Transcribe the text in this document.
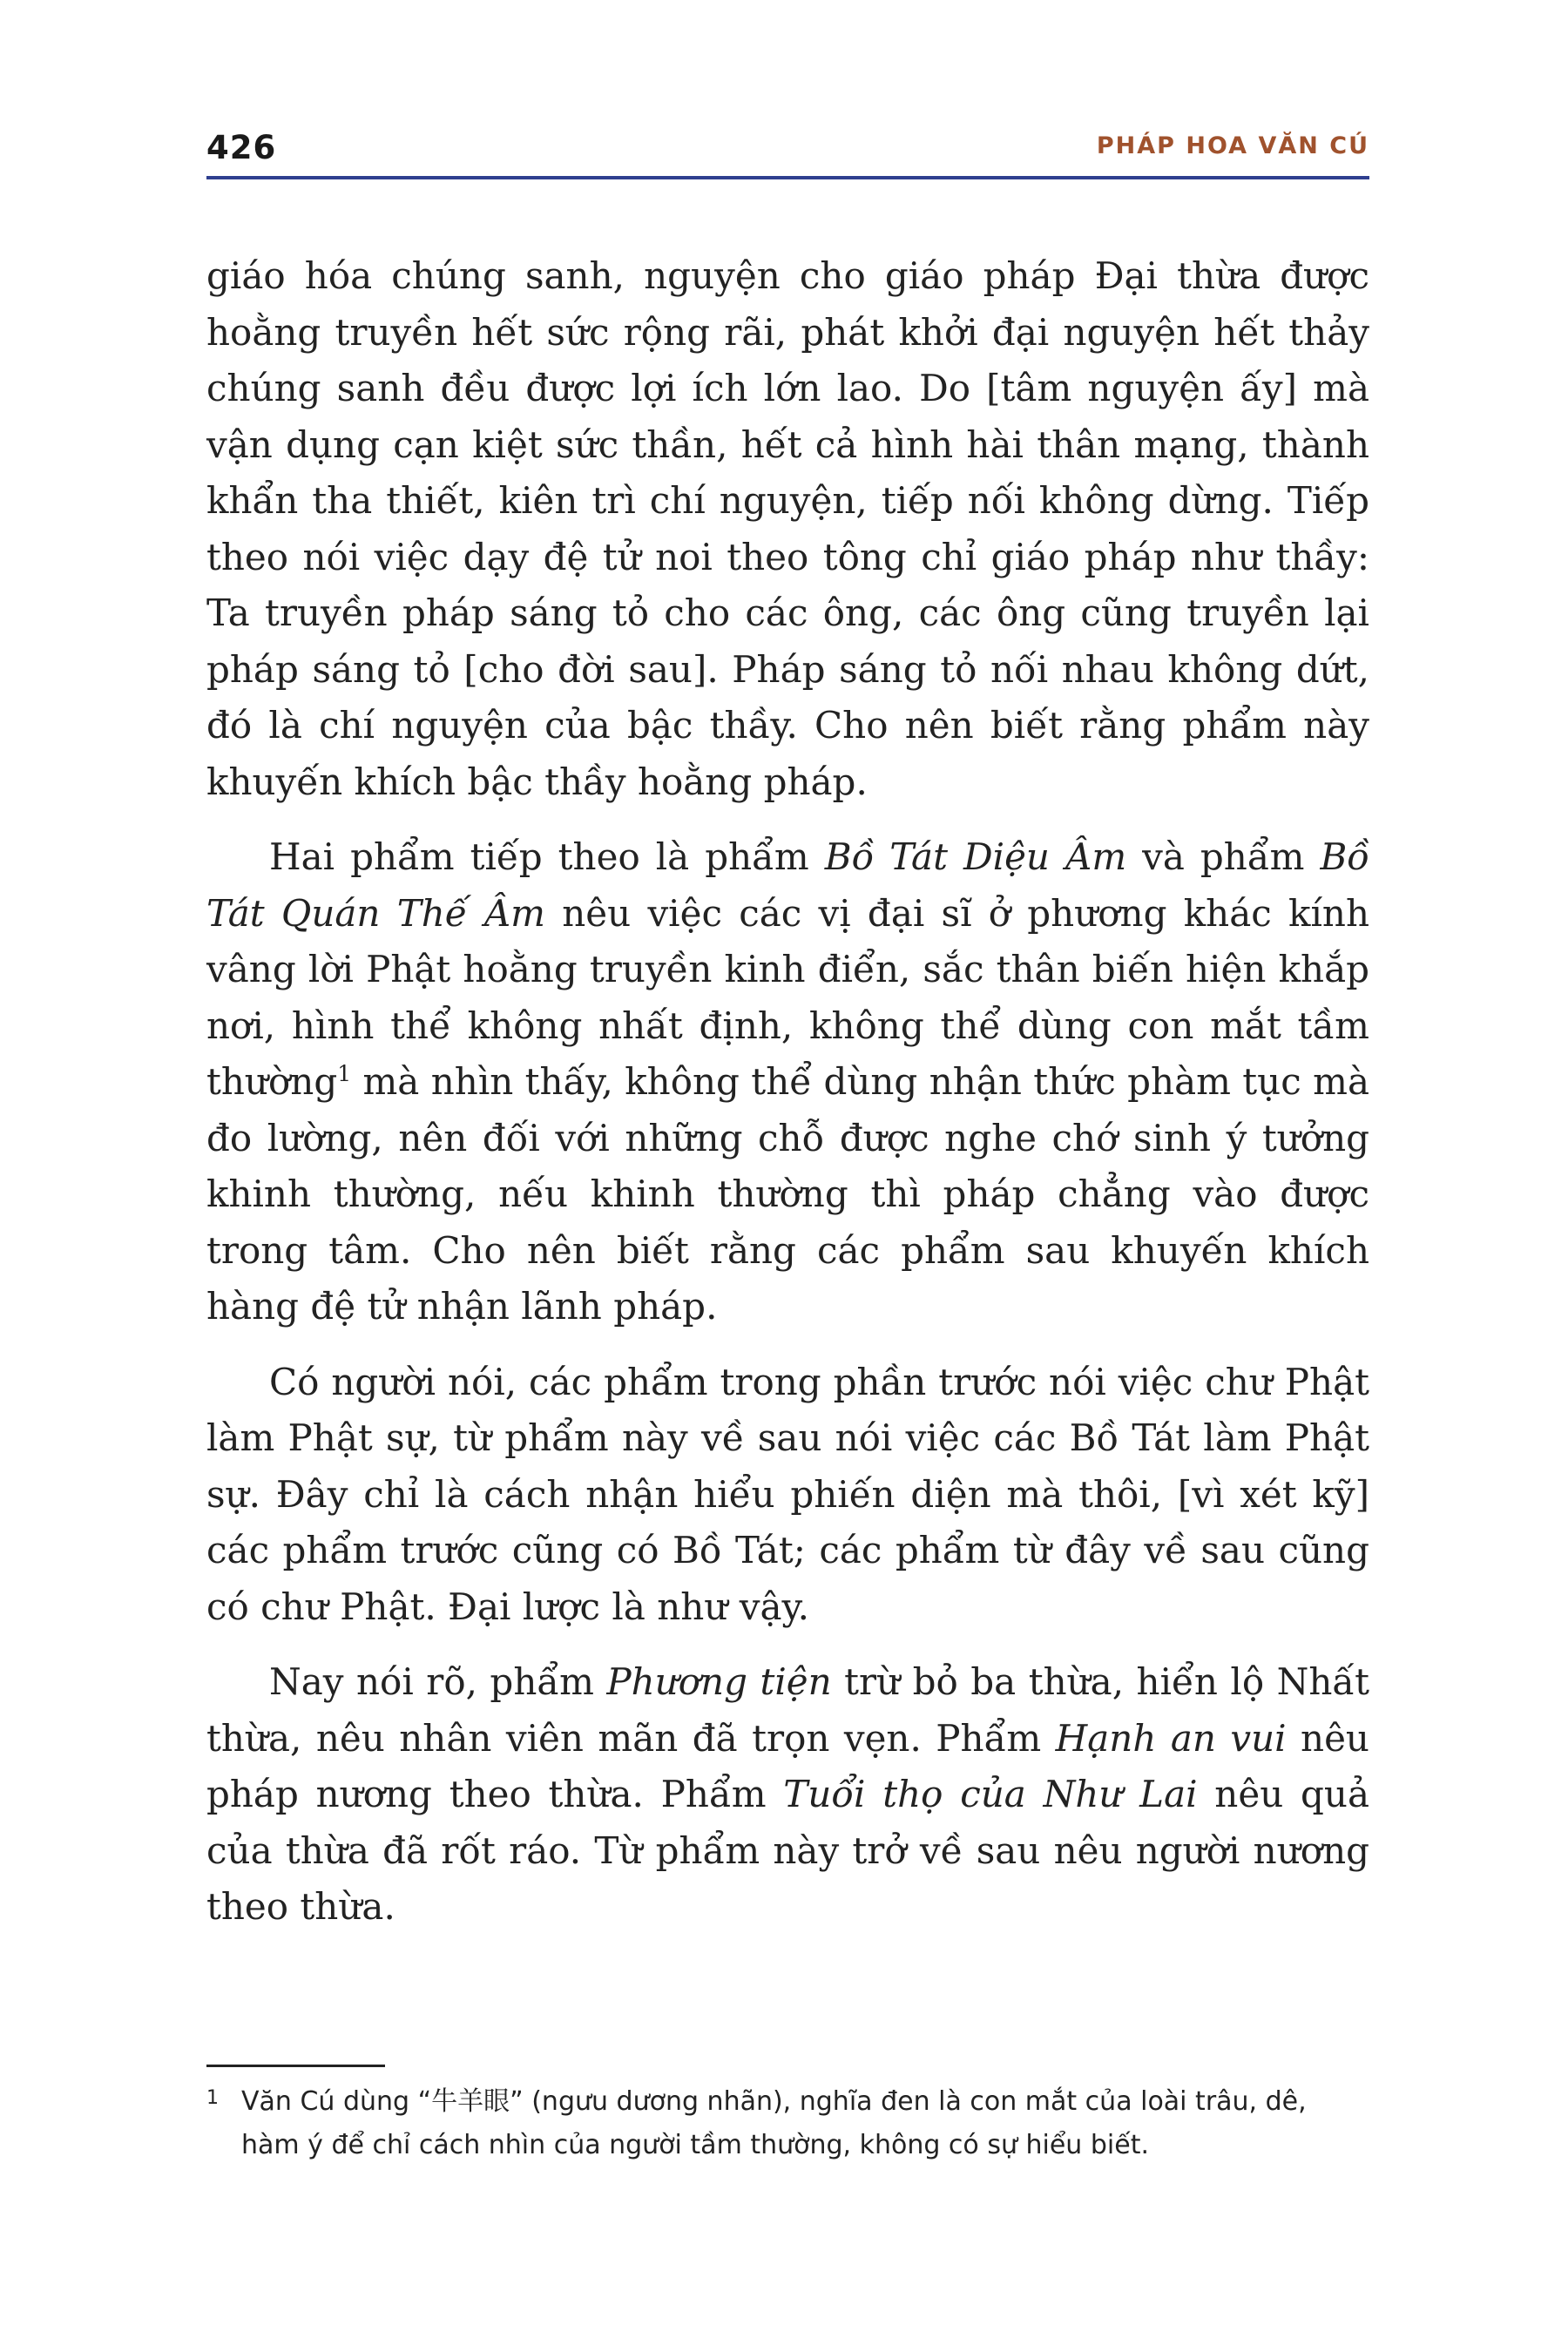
426	PHÁP HOA VĂN CÚ

giáo hóa chúng sanh, nguyện cho giáo pháp Đại thừa được hoằng truyền hết sức rộng rãi, phát khởi đại nguyện hết thảy chúng sanh đều được lợi ích lớn lao. Do [tâm nguyện ấy] mà vận dụng cạn kiệt sức thần, hết cả hình hài thân mạng, thành khẩn tha thiết, kiên trì chí nguyện, tiếp nối không dừng. Tiếp theo nói việc dạy đệ tử noi theo tông chỉ giáo pháp như thầy: Ta truyền pháp sáng tỏ cho các ông, các ông cũng truyền lại pháp sáng tỏ [cho đời sau]. Pháp sáng tỏ nối nhau không dứt, đó là chí nguyện của bậc thầy. Cho nên biết rằng phẩm này khuyến khích bậc thầy hoằng pháp.

Hai phẩm tiếp theo là phẩm Bồ Tát Diệu Âm và phẩm Bồ Tát Quán Thế Âm nêu việc các vị đại sĩ ở phương khác kính vâng lời Phật hoằng truyền kinh điển, sắc thân biến hiện khắp nơi, hình thể không nhất định, không thể dùng con mắt tầm thường$^1$ mà nhìn thấy, không thể dùng nhận thức phàm tục mà đo lường, nên đối với những chỗ được nghe chớ sinh ý tưởng khinh thường, nếu khinh thường thì pháp chẳng vào được trong tâm. Cho nên biết rằng các phẩm sau khuyến khích hàng đệ tử nhận lãnh pháp.

Có người nói, các phẩm trong phần trước nói việc chư Phật làm Phật sự, từ phẩm này về sau nói việc các Bồ Tát làm Phật sự. Đây chỉ là cách nhận hiểu phiến diện mà thôi, [vì xét kỹ] các phẩm trước cũng có Bồ Tát; các phẩm từ đây về sau cũng có chư Phật. Đại lược là như vậy.

Nay nói rõ, phẩm Phương tiện trừ bỏ ba thừa, hiển lộ Nhất thừa, nêu nhân viên mãn đã trọn vẹn. Phẩm Hạnh an vui nêu pháp nương theo thừa. Phẩm Tuổi thọ của Như Lai nêu quả của thừa đã rốt ráo. Từ phẩm này trở về sau nêu người nương theo thừa.

1 Văn Cú dùng “牛羊眼” (ngưu dương nhãn), nghĩa đen là con mắt của loài trâu, dê, hàm ý để chỉ cách nhìn của người tầm thường, không có sự hiểu biết.
